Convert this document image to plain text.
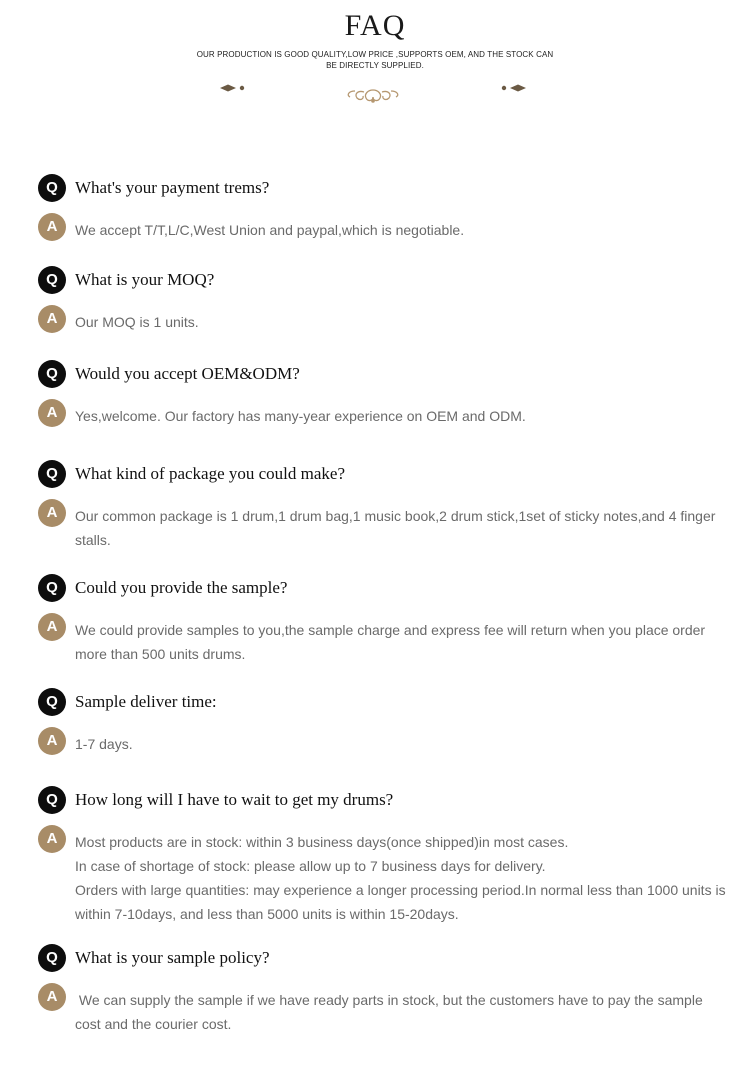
FAQ
OUR PRODUCTION IS GOOD QUALITY,LOW PRICE ,SUPPORTS OEM, AND THE STOCK CAN
BE DIRECTLY SUPPLIED.
Q	What's your payment trems?
A	We accept T/T,L/C,West Union and paypal,which is negotiable.
Q	What is your MOQ?
A	Our MOQ is 1 units.
Q	Would you accept OEM&ODM?
A	Yes,welcome. Our factory has many-year experience on OEM and ODM.
Q	What kind of package you could make?
A	Our common package is 1 drum,1 drum bag,1 music book,2 drum stick,1set of sticky notes,and 4 finger
stalls.
Q	Could you provide the sample?
A	We could provide samples to you,the sample charge and express fee will return when you place order
more than 500 units drums.
Q	Sample deliver time:
A	1-7 days.
Q	How long will I have to wait to get my drums?
A	Most products are in stock: within 3 business days(once shipped)in most cases.
In case of shortage of stock: please allow up to 7 business days for delivery.
Orders with large quantities: may experience a longer processing period.In normal less than 1000 units is
within 7-10days, and less than 5000 units is within 15-20days.
Q	What is your sample policy?
A	We can supply the sample if we have ready parts in stock, but the customers have to pay the sample
cost and the courier cost.
